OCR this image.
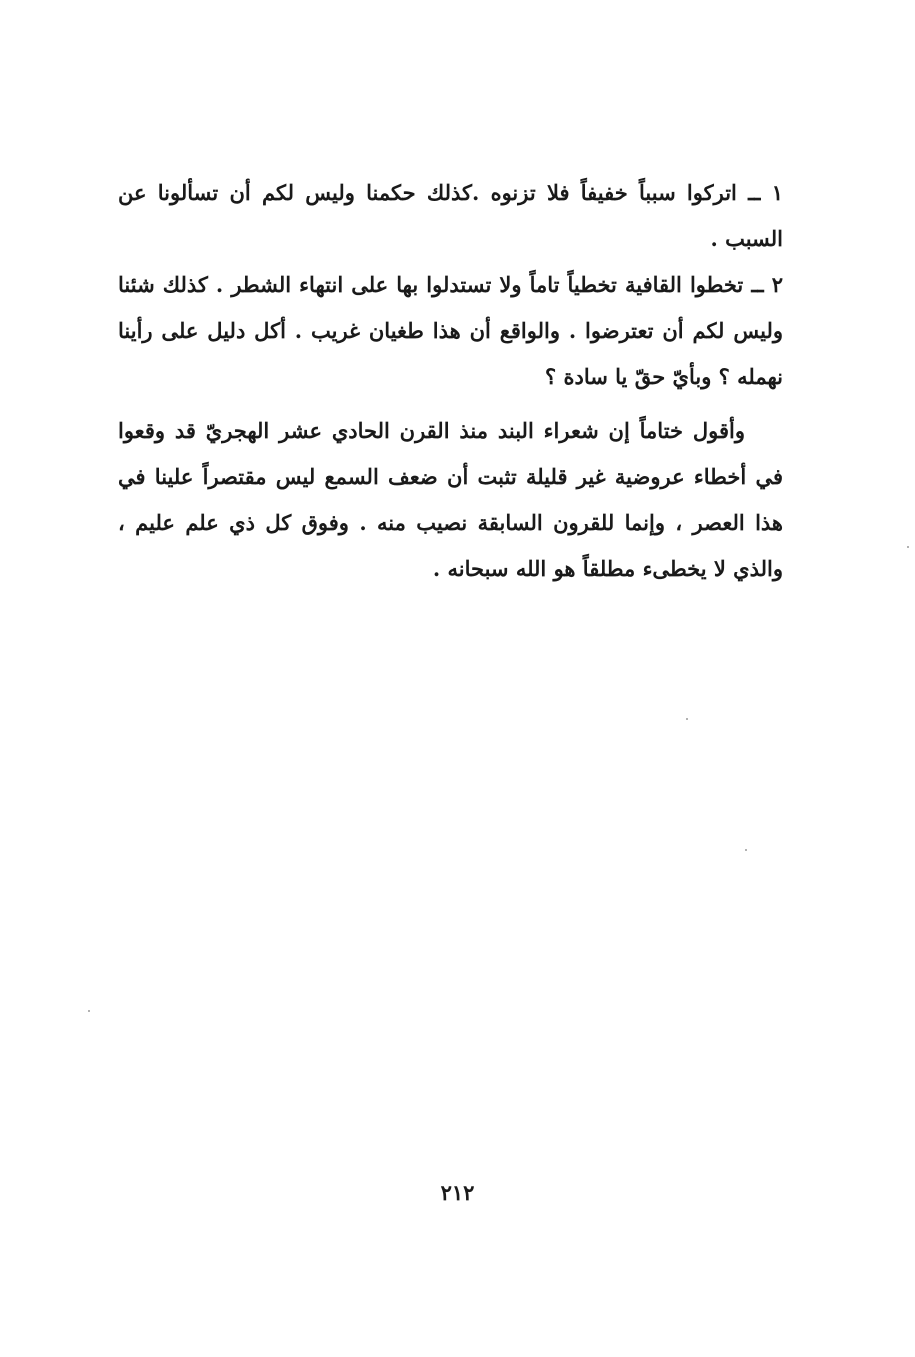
١ ــ اتركوا سبباً خفيفاً فلا تزنوه .كذلك حكمنا وليس لكم أن تسألونا عن السبب .

٢ ــ تخطوا القافية تخطياً تاماً ولا تستدلوا بها على انتهاء الشطر . كذلك شئنا وليس لكم أن تعترضوا . والواقع أن هذا طغيان غريب . أكل دليل على رأينا نهمله ؟ وبأيّ حقّ يا سادة ؟

وأقول ختاماً إن شعراء البند منذ القرن الحادي عشر الهجريّ قد وقعوا في أخطاء عروضية غير قليلة تثبت أن ضعف السمع ليس مقتصراً علينا في هذا العصر ، وإنما للقرون السابقة نصيب منه . وفوق كل ذي علم عليم ، والذي لا يخطىء مطلقاً هو الله سبحانه .

٢١٢
